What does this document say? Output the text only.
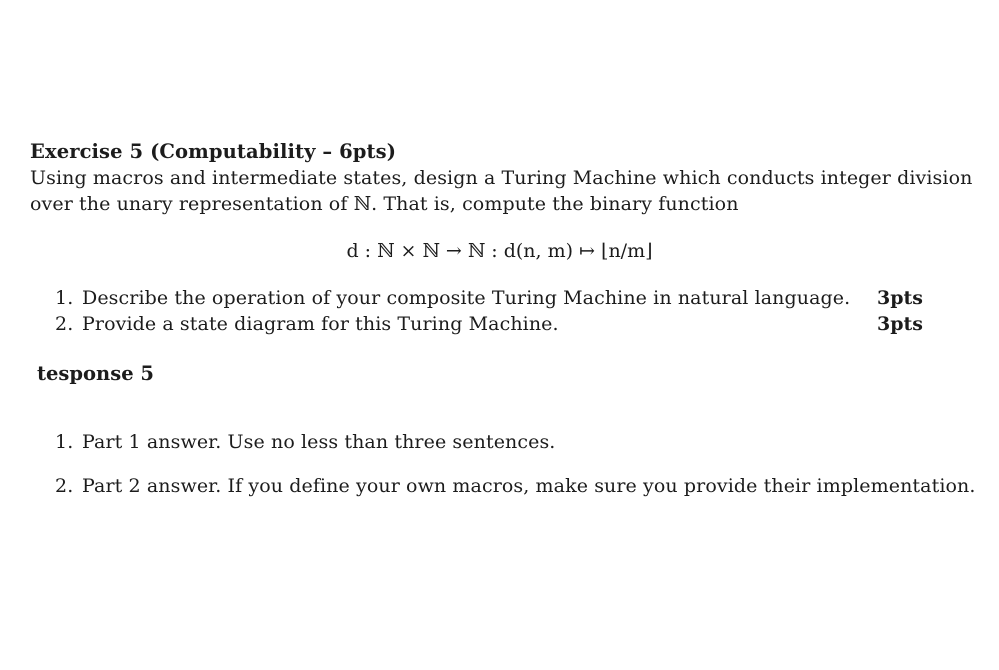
Exercise 5 (Computability – 6pts)
Using macros and intermediate states, design a Turing Machine which conducts integer division
over the unary representation of ℕ. That is, compute the binary function
d : ℕ × ℕ → ℕ : d(n, m) ↦ ⌊n/m⌋
1. Describe the operation of your composite Turing Machine in natural language. 3pts
2. Provide a state diagram for this Turing Machine.	3pts
tesponse 5
1. Part 1 answer. Use no less than three sentences.
2. Part 2 answer. If you define your own macros, make sure you provide their implementation.
